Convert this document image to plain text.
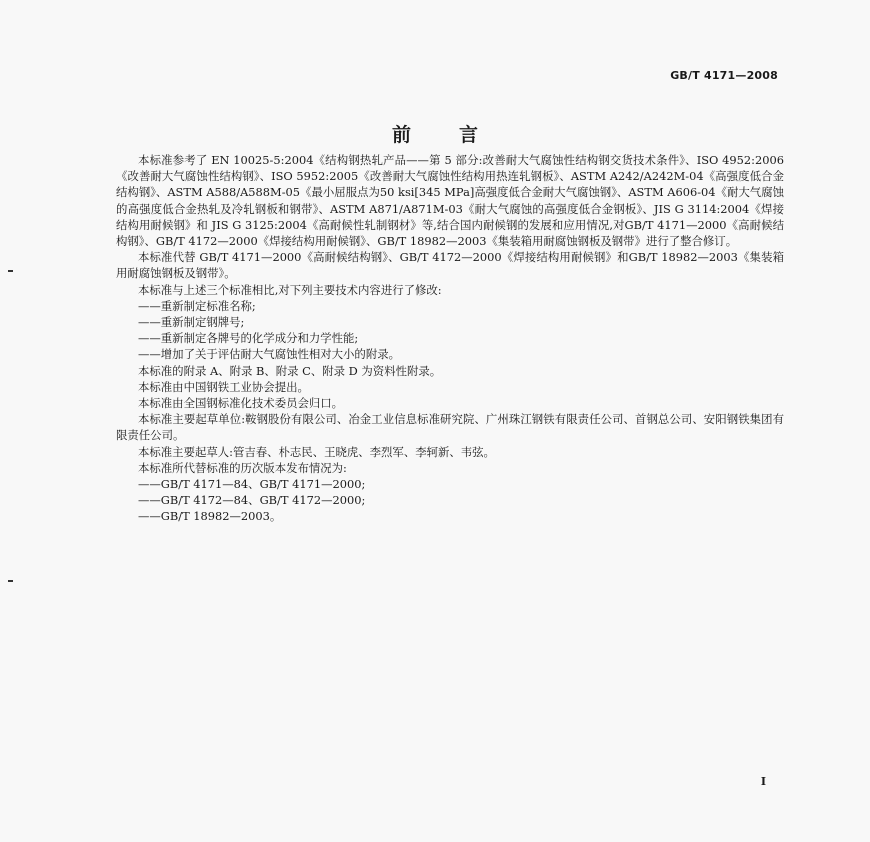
GB/T 4171—2008
前言

本标准参考了 EN 10025-5:2004《结构钢热轧产品——第 5 部分:改善耐大气腐蚀性结构钢交货技术条件》、ISO 4952:2006《改善耐大气腐蚀性结构钢》、ISO 5952:2005《改善耐大气腐蚀性结构用热连轧钢板》、ASTM A242/A242M-04《高强度低合金结构钢》、ASTM A588/A588M-05《最小屈服点为50 ksi[345 MPa]高强度低合金耐大气腐蚀钢》、ASTM A606-04《耐大气腐蚀的高强度低合金热轧及冷轧钢板和钢带》、ASTM A871/A871M-03《耐大气腐蚀的高强度低合金钢板》、JIS G 3114:2004《焊接结构用耐候钢》和 JIS G 3125:2004《高耐候性轧制钢材》等,结合国内耐候钢的发展和应用情况,对GB/T 4171—2000《高耐候结构钢》、GB/T 4172—2000《焊接结构用耐候钢》、GB/T 18982—2003《集装箱用耐腐蚀钢板及钢带》进行了整合修订。

本标准代替 GB/T 4171—2000《高耐候结构钢》、GB/T 4172—2000《焊接结构用耐候钢》和GB/T 18982—2003《集装箱用耐腐蚀钢板及钢带》。

本标准与上述三个标准相比,对下列主要技术内容进行了修改:

——重新制定标准名称;

——重新制定钢牌号;

——重新制定各牌号的化学成分和力学性能;

——增加了关于评估耐大气腐蚀性相对大小的附录。

本标准的附录 A、附录 B、附录 C、附录 D 为资料性附录。

本标准由中国钢铁工业协会提出。

本标准由全国钢标准化技术委员会归口。

本标准主要起草单位:鞍钢股份有限公司、冶金工业信息标准研究院、广州珠江钢铁有限责任公司、首钢总公司、安阳钢铁集团有限责任公司。

本标准主要起草人:管吉春、朴志民、王晓虎、李烈军、李轲新、韦弦。

本标准所代替标准的历次版本发布情况为:

——GB/T 4171—84、GB/T 4171—2000;

——GB/T 4172—84、GB/T 4172—2000;

——GB/T 18982—2003。

I
